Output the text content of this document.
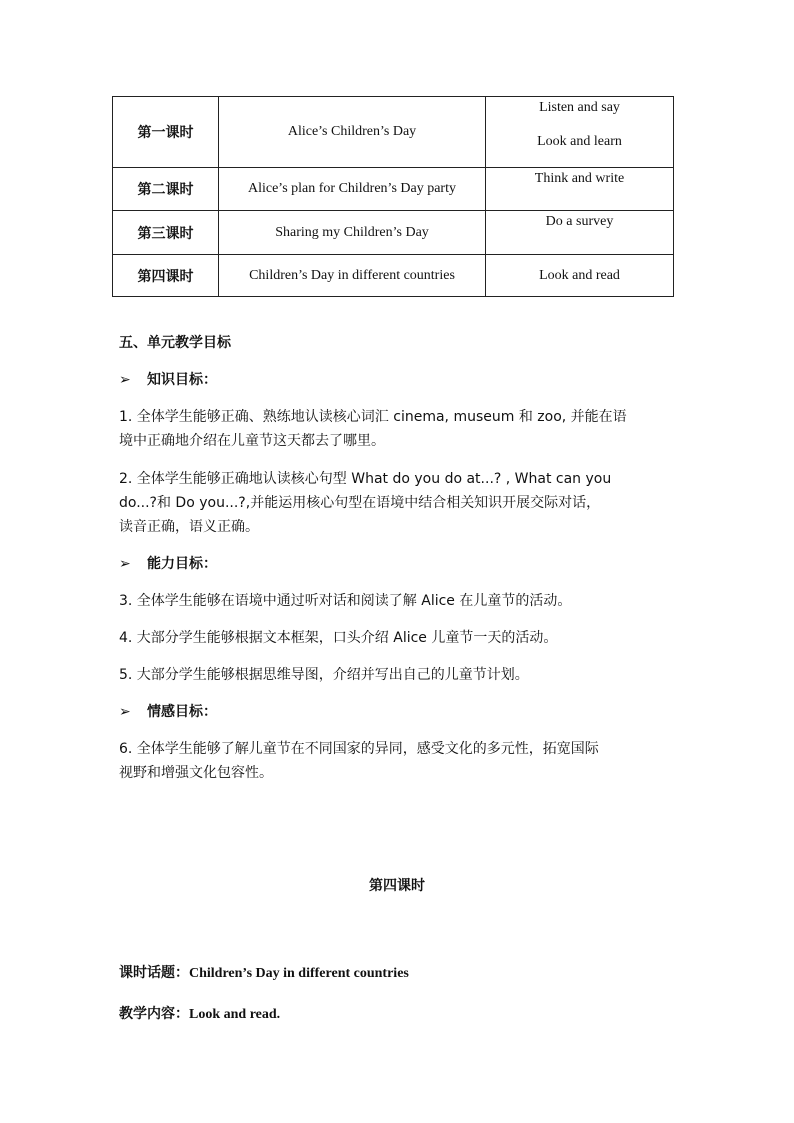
第一课时	Alice’s Children’s Day	Listen and say
Look and learn

第二课时	Alice’s plan for Children’s Day party	Think and write

第三课时	Sharing my Children’s Day	Do a survey

第四课时	Children’s Day in different countries	Look and read
五、单元教学目标
➢ 知识目标：
1. 全体学生能够正确、熟练地认读核心词汇 cinema, museum 和 zoo, 并能在语
境中正确地介绍在儿童节这天都去了哪里。
2. 全体学生能够正确地认读核心句型 What do you do at...? , What can you
do...?和 Do you...?,并能运用核心句型在语境中结合相关知识开展交际对话，
读音正确，语义正确。
➢ 能力目标：
3. 全体学生能够在语境中通过听对话和阅读了解 Alice 在儿童节的活动。
4. 大部分学生能够根据文本框架，口头介绍 Alice 儿童节一天的活动。
5. 大部分学生能够根据思维导图，介绍并写出自己的儿童节计划。
➢ 情感目标：
6. 全体学生能够了解儿童节在不同国家的异同，感受文化的多元性，拓宽国际
视野和增强文化包容性。
第四课时
课时话题：Children’s Day in different countries
教学内容：Look and read.
